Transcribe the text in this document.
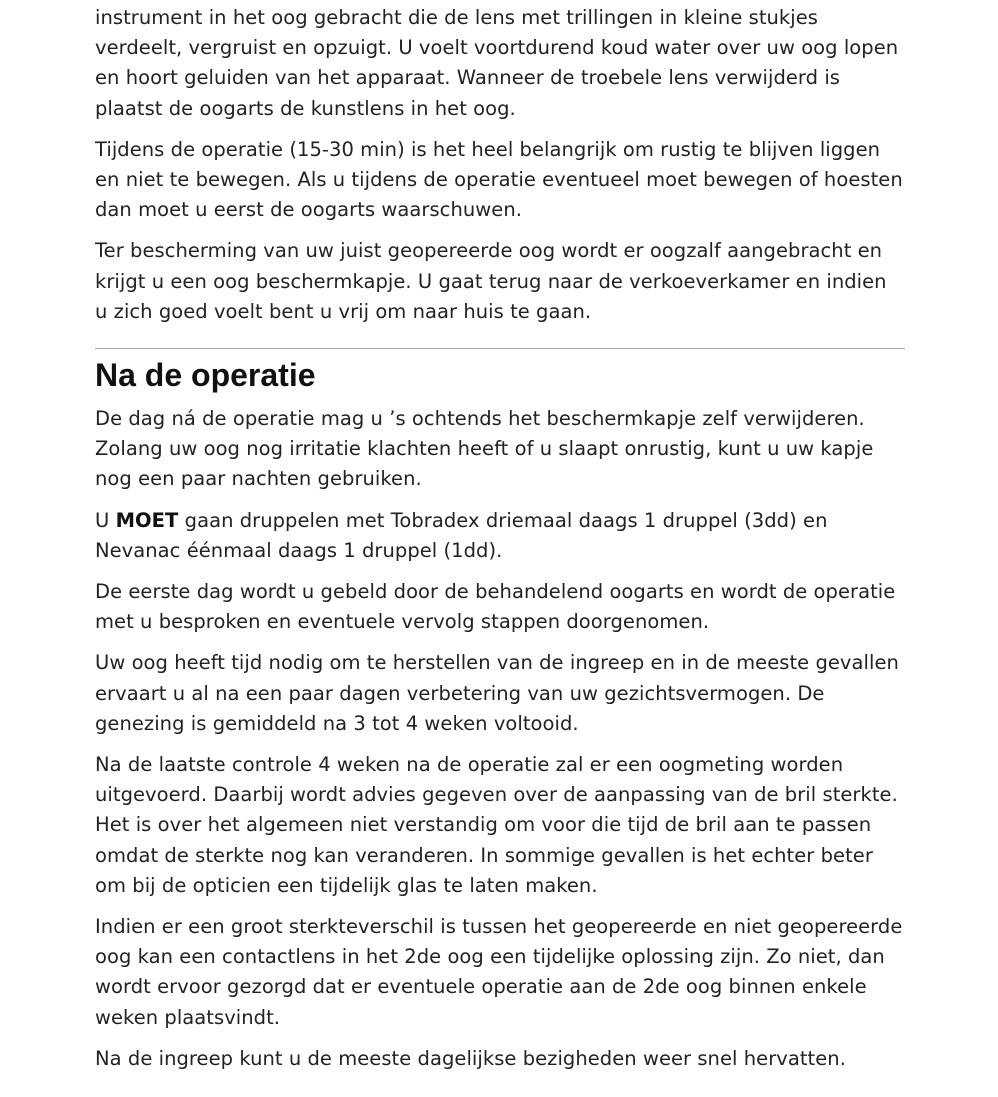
instrument in het oog gebracht die de lens met trillingen in kleine stukjes verdeelt, vergruist en opzuigt. U voelt voortdurend koud water over uw oog lopen en hoort geluiden van het apparaat. Wanneer de troebele lens verwijderd is plaatst de oogarts de kunstlens in het oog.

Tijdens de operatie (15-30 min) is het heel belangrijk om rustig te blijven liggen en niet te bewegen. Als u tijdens de operatie eventueel moet bewegen of hoesten dan moet u eerst de oogarts waarschuwen.

Ter bescherming van uw juist geopereerde oog wordt er oogzalf aangebracht en krijgt u een oog beschermkapje. U gaat terug naar de verkoeverkamer en indien u zich goed voelt bent u vrij om naar huis te gaan.

Na de operatie

De dag ná de operatie mag u ’s ochtends het beschermkapje zelf verwijderen. Zolang uw oog nog irritatie klachten heeft of u slaapt onrustig, kunt u uw kapje nog een paar nachten gebruiken.

U MOET gaan druppelen met Tobradex driemaal daags 1 druppel (3dd) en Nevanac éénmaal daags 1 druppel (1dd).

De eerste dag wordt u gebeld door de behandelend oogarts en wordt de operatie met u besproken en eventuele vervolg stappen doorgenomen.

Uw oog heeft tijd nodig om te herstellen van de ingreep en in de meeste gevallen ervaart u al na een paar dagen verbetering van uw gezichtsvermogen. De genezing is gemiddeld na 3 tot 4 weken voltooid.

Na de laatste controle 4 weken na de operatie zal er een oogmeting worden uitgevoerd. Daarbij wordt advies gegeven over de aanpassing van de bril sterkte. Het is over het algemeen niet verstandig om voor die tijd de bril aan te passen omdat de sterkte nog kan veranderen. In sommige gevallen is het echter beter om bij de opticien een tijdelijk glas te laten maken.

Indien er een groot sterkteverschil is tussen het geopereerde en niet geopereerde oog kan een contactlens in het 2de oog een tijdelijke oplossing zijn. Zo niet, dan wordt ervoor gezorgd dat er eventuele operatie aan de 2de oog binnen enkele weken plaatsvindt.

Na de ingreep kunt u de meeste dagelijkse bezigheden weer snel hervatten.
